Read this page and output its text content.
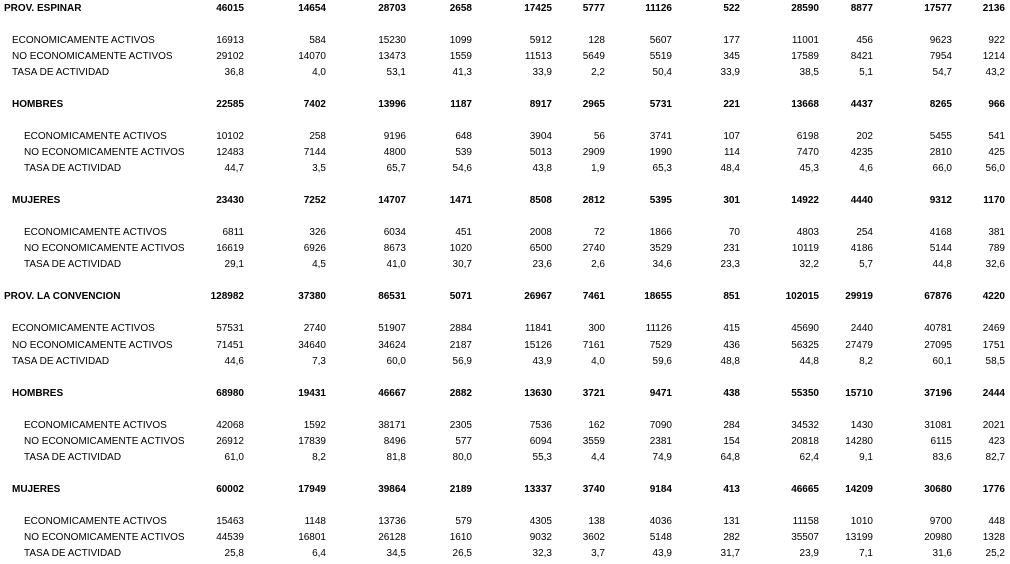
PROV. ESPINAR	46015	14654	28703	2658	17425	5777	11126	522	28590	8877	17577	2136
ECONOMICAMENTE ACTIVOS	16913	584	15230	1099	5912	128	5607	177	11001	456	9623	922
NO ECONOMICAMENTE ACTIVOS	29102	14070	13473	1559	11513	5649	5519	345	17589	8421	7954	1214
TASA DE ACTIVIDAD	36,8	4,0	53,1	41,3	33,9	2,2	50,4	33,9	38,5	5,1	54,7	43,2
HOMBRES	22585	7402	13996	1187	8917	2965	5731	221	13668	4437	8265	966
ECONOMICAMENTE ACTIVOS	10102	258	9196	648	3904	56	3741	107	6198	202	5455	541
NO ECONOMICAMENTE ACTIVOS	12483	7144	4800	539	5013	2909	1990	114	7470	4235	2810	425
TASA DE ACTIVIDAD	44,7	3,5	65,7	54,6	43,8	1,9	65,3	48,4	45,3	4,6	66,0	56,0
MUJERES	23430	7252	14707	1471	8508	2812	5395	301	14922	4440	9312	1170
ECONOMICAMENTE ACTIVOS	6811	326	6034	451	2008	72	1866	70	4803	254	4168	381
NO ECONOMICAMENTE ACTIVOS	16619	6926	8673	1020	6500	2740	3529	231	10119	4186	5144	789
TASA DE ACTIVIDAD	29,1	4,5	41,0	30,7	23,6	2,6	34,6	23,3	32,2	5,7	44,8	32,6
PROV. LA CONVENCION	128982	37380	86531	5071	26967	7461	18655	851	102015	29919	67876	4220
ECONOMICAMENTE ACTIVOS	57531	2740	51907	2884	11841	300	11126	415	45690	2440	40781	2469
NO ECONOMICAMENTE ACTIVOS	71451	34640	34624	2187	15126	7161	7529	436	56325	27479	27095	1751
TASA DE ACTIVIDAD	44,6	7,3	60,0	56,9	43,9	4,0	59,6	48,8	44,8	8,2	60,1	58,5
HOMBRES	68980	19431	46667	2882	13630	3721	9471	438	55350	15710	37196	2444
ECONOMICAMENTE ACTIVOS	42068	1592	38171	2305	7536	162	7090	284	34532	1430	31081	2021
NO ECONOMICAMENTE ACTIVOS	26912	17839	8496	577	6094	3559	2381	154	20818	14280	6115	423
TASA DE ACTIVIDAD	61,0	8,2	81,8	80,0	55,3	4,4	74,9	64,8	62,4	9,1	83,6	82,7
MUJERES	60002	17949	39864	2189	13337	3740	9184	413	46665	14209	30680	1776
ECONOMICAMENTE ACTIVOS	15463	1148	13736	579	4305	138	4036	131	11158	1010	9700	448
NO ECONOMICAMENTE ACTIVOS	44539	16801	26128	1610	9032	3602	5148	282	35507	13199	20980	1328
TASA DE ACTIVIDAD	25,8	6,4	34,5	26,5	32,3	3,7	43,9	31,7	23,9	7,1	31,6	25,2
